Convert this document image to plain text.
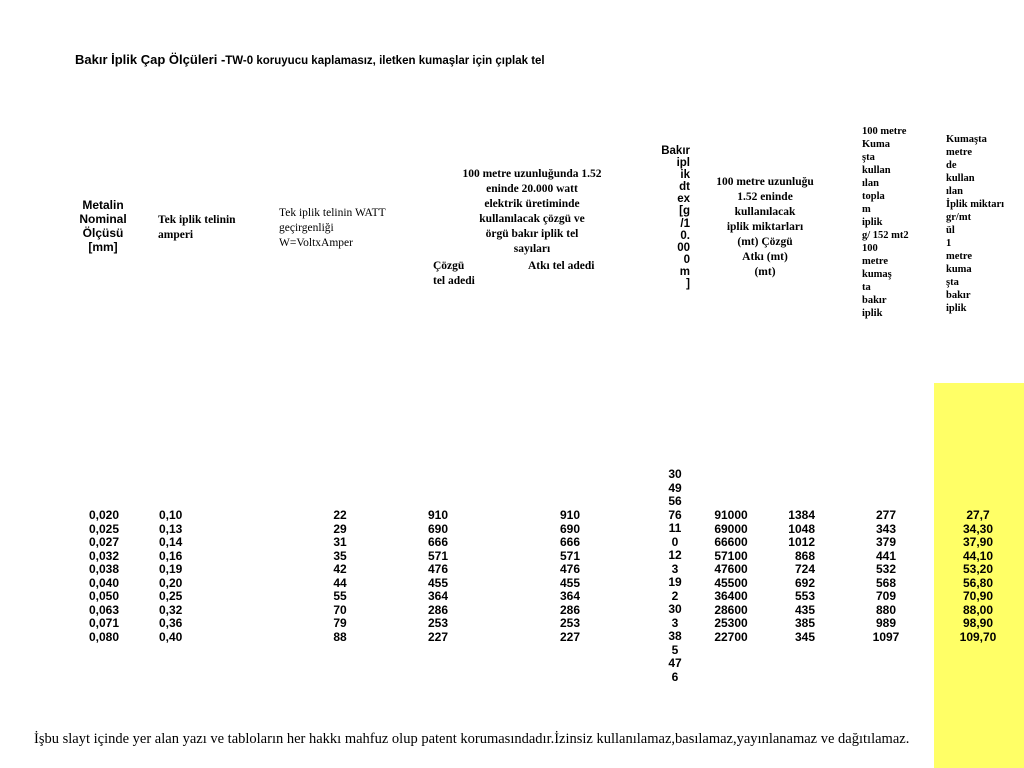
Bakır İplik Çap Ölçüleri -TW-0 koruyucu kaplamasız, iletken kumaşlar için çıplak tel
Metalin
Nominal
Ölçüsü
[mm]
Tek iplik telinin
amperi
Tek iplik telinin WATT
geçirgenliği
W=VoltxAmper
100 metre uzunluğunda 1.52
eninde 20.000 watt
elektrik üretiminde
kullanılacak çözgü ve
örgü bakır iplik tel
sayıları
Çözgü
tel adedi
Atkı tel adedi
Bakır
ipl
ik
dt
ex
[g
/1
0.
00
0
m
]
100 metre uzunluğu
1.52 eninde
kullanılacak
iplik miktarları
(mt) Çözgü
Atkı (mt)
(mt)
100 metre
Kuma
şta
kullan
ılan
topla
m
iplik
g/ 152 mt2
100
metre
kumaş
ta
bakır
iplik
Kumaşta
metre
de
kullan
ılan
İplik miktarı
gr/mt
ül
1
metre
kuma
şta
bakır
iplik
0,020
0,025
0,027
0,032
0,038
0,040
0,050
0,063
0,071
0,080
0,10
0,13
0,14
0,16
0,19
0,20
0,25
0,32
0,36
0,40
22
29
31
35
42
44
55
70
79
88
910
690
666
571
476
455
364
286
253
227
910
690
666
571
476
455
364
286
253
227
30
49
56
76
11
0
12
3
19
2
30
3
38
5
47
6
91000
69000
66600
57100
47600
45500
36400
28600
25300
22700
1384
1048
1012
868
724
692
553
435
385
345
277
343
379
441
532
568
709
880
989
1097
27,7
34,30
37,90
44,10
53,20
56,80
70,90
88,00
98,90
109,70
İşbu slayt içinde yer alan yazı ve tabloların her hakkı mahfuz olup patent korumasındadır.İzinsiz kullanılamaz,basılamaz,yayınlanamaz ve dağıtılamaz.
